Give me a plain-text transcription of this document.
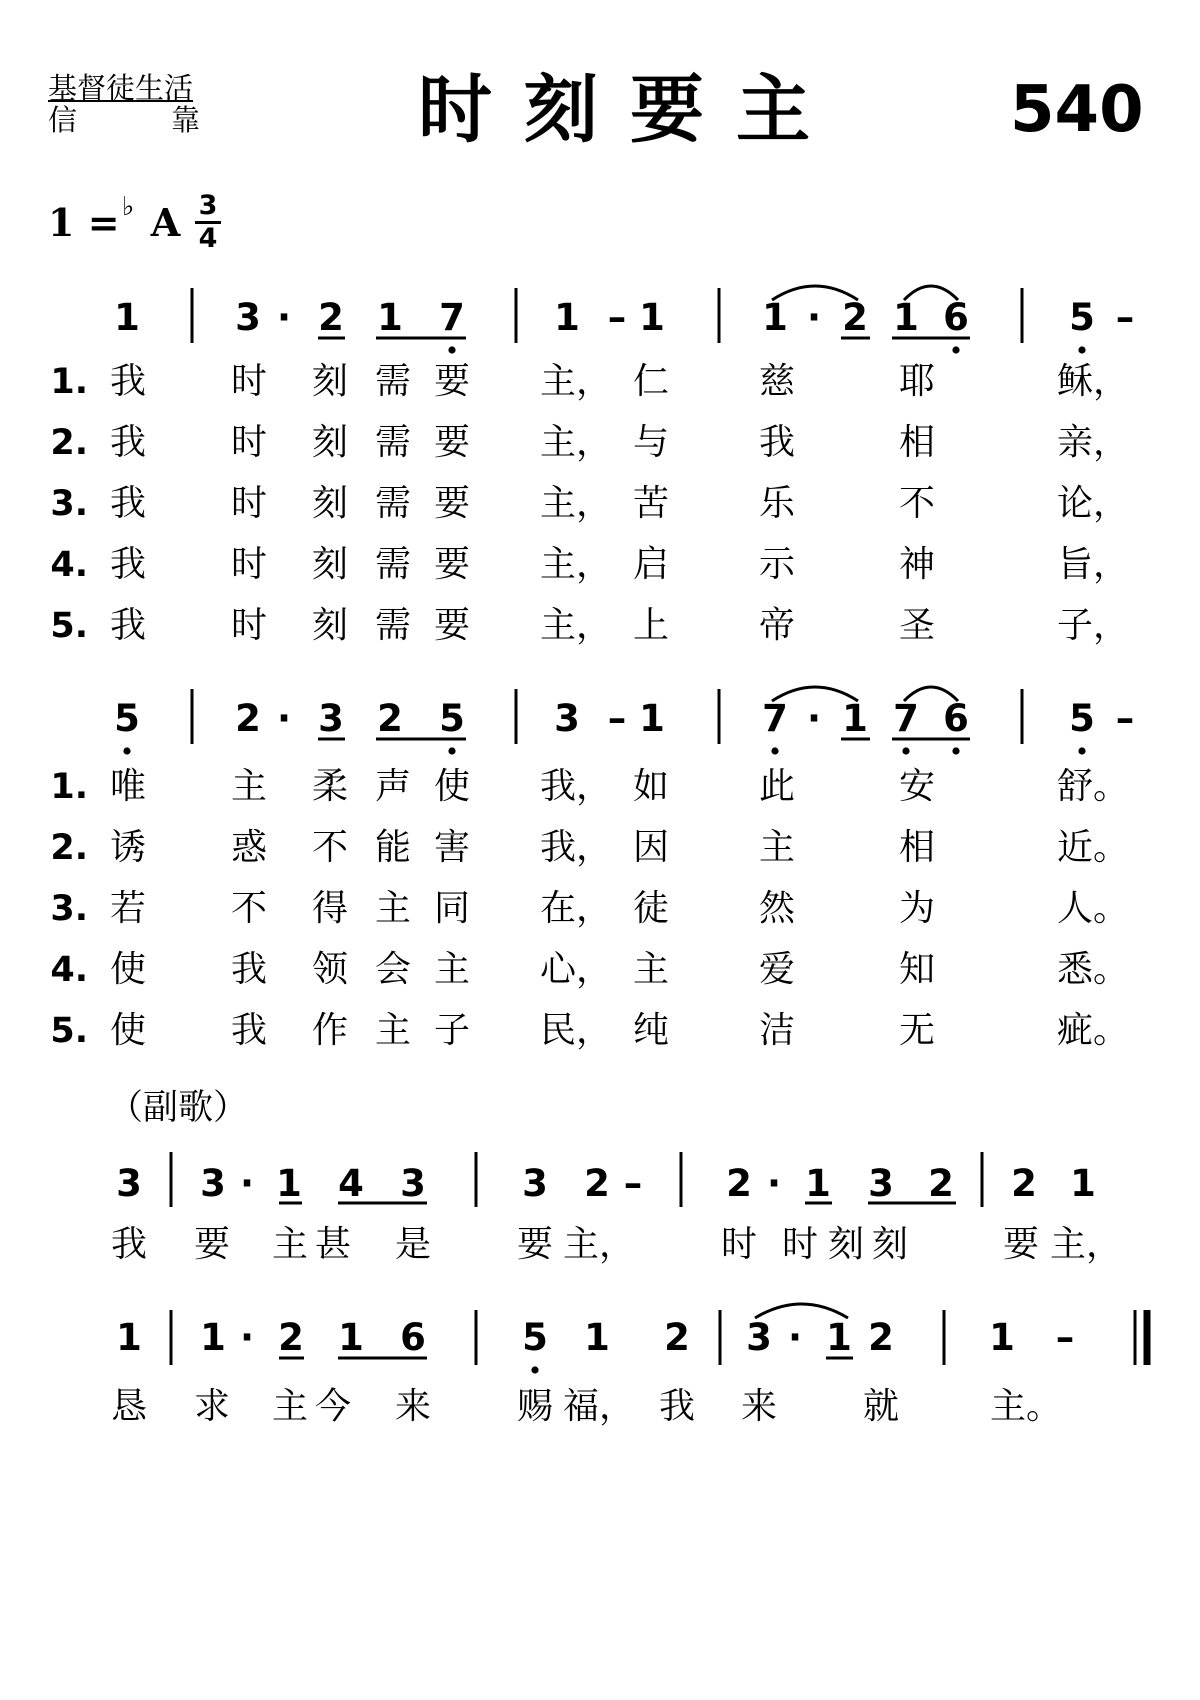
基督徒生活
信	靠	时刻要主	540
1 = ♭ A 3
4
（副歌）
1	3 · 2 1 7 1 – 1	1 · 2 1 6	5 –
1. 我 时 刻 需 要 主， 仁 慈	耶	稣，
2. 我 时 刻 需 要 主， 与 我	相	亲，
3. 我 时 刻 需 要 主， 苦 乐	不	论，
4. 我 时 刻 需 要 主， 启 示	神	旨，
5. 我 时 刻 需 要 主， 上 帝	圣	子，
5	2 · 3 2 5 3 – 1	7 · 1 7 6	5 –
1. 唯 主 柔 声 使 我， 如 此	安	舒。
2. 诱 惑 不 能 害 我， 因 主	相	近。
3. 若 不 得 主 同 在， 徒 然	为	人。
4. 使 我 领 会 主 心， 主 爱	知	悉。
5. 使 我 作 主 子 民， 纯 洁	无	疵。
3 3 · 1 4 3	3 2 – 2 · 1 3 2 2 1
我 要 主 甚 是 要 主， 时 时 刻 刻	要 主，
1 1 · 2 1 6	5 1 2 3 · 1 2	1 –
恳 求 主 今 来 赐 福， 我 来 就	主。
